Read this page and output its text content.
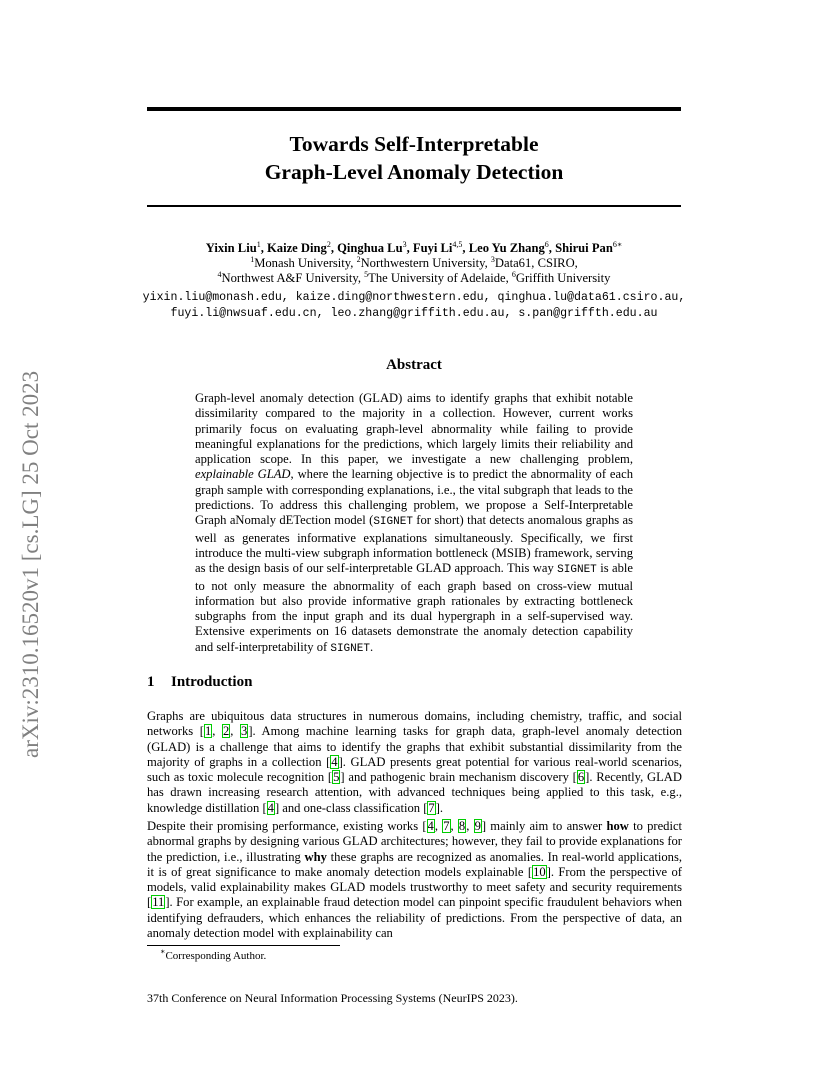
arXiv:2310.16520v1 [cs.LG] 25 Oct 2023
Towards Self-Interpretable
Graph-Level Anomaly Detection
Yixin Liu$^1$, Kaize Ding$^2$, Qinghua Lu$^3$, Fuyi Li$^{4,5}$, Leo Yu Zhang$^6$, Shirui Pan$^{6∗}$
$^1$Monash University, $^2$Northwestern University, $^3$Data61, CSIRO,
$^4$Northwest A&F University, $^5$The University of Adelaide, $^6$Griffith University
yixin.liu@monash.edu, kaize.ding@northwestern.edu, qinghua.lu@data61.csiro.au,
fuyi.li@nwsuaf.edu.cn, leo.zhang@griffith.edu.au, s.pan@griffth.edu.au
Abstract
Graph-level anomaly detection (GLAD) aims to identify graphs that exhibit notable dissimilarity compared to the majority in a collection. However, current works primarily focus on evaluating graph-level abnormality while failing to provide meaningful explanations for the predictions, which largely limits their reliability and application scope. In this paper, we investigate a new challenging problem, explainable GLAD, where the learning objective is to predict the abnormality of each graph sample with corresponding explanations, i.e., the vital subgraph that leads to the predictions. To address this challenging problem, we propose a Self-Interpretable Graph aNomaly dETection model (SIGNET for short) that detects anomalous graphs as well as generates informative explanations simultaneously. Specifically, we first introduce the multi-view subgraph information bottleneck (MSIB) framework, serving as the design basis of our self-interpretable GLAD approach. This way SIGNET is able to not only measure the abnormality of each graph based on cross-view mutual information but also provide informative graph rationales by extracting bottleneck subgraphs from the input graph and its dual hypergraph in a self-supervised way. Extensive experiments on 16 datasets demonstrate the anomaly detection capability and self-interpretability of SIGNET.
1 Introduction
Graphs are ubiquitous data structures in numerous domains, including chemistry, traffic, and social networks [1, 2, 3]. Among machine learning tasks for graph data, graph-level anomaly detection (GLAD) is a challenge that aims to identify the graphs that exhibit substantial dissimilarity from the majority of graphs in a collection [4]. GLAD presents great potential for various real-world scenarios, such as toxic molecule recognition [5] and pathogenic brain mechanism discovery [6]. Recently, GLAD has drawn increasing research attention, with advanced techniques being applied to this task, e.g., knowledge distillation [4] and one-class classification [7].
Despite their promising performance, existing works [4, 7, 8, 9] mainly aim to answer how to predict abnormal graphs by designing various GLAD architectures; however, they fail to provide explanations for the prediction, i.e., illustrating why these graphs are recognized as anomalies. In real-world applications, it is of great significance to make anomaly detection models explainable [10]. From the perspective of models, valid explainability makes GLAD models trustworthy to meet safety and security requirements [11]. For example, an explainable fraud detection model can pinpoint specific fraudulent behaviors when identifying defrauders, which enhances the reliability of predictions. From the perspective of data, an anomaly detection model with explainability can
∗Corresponding Author.
37th Conference on Neural Information Processing Systems (NeurIPS 2023).
